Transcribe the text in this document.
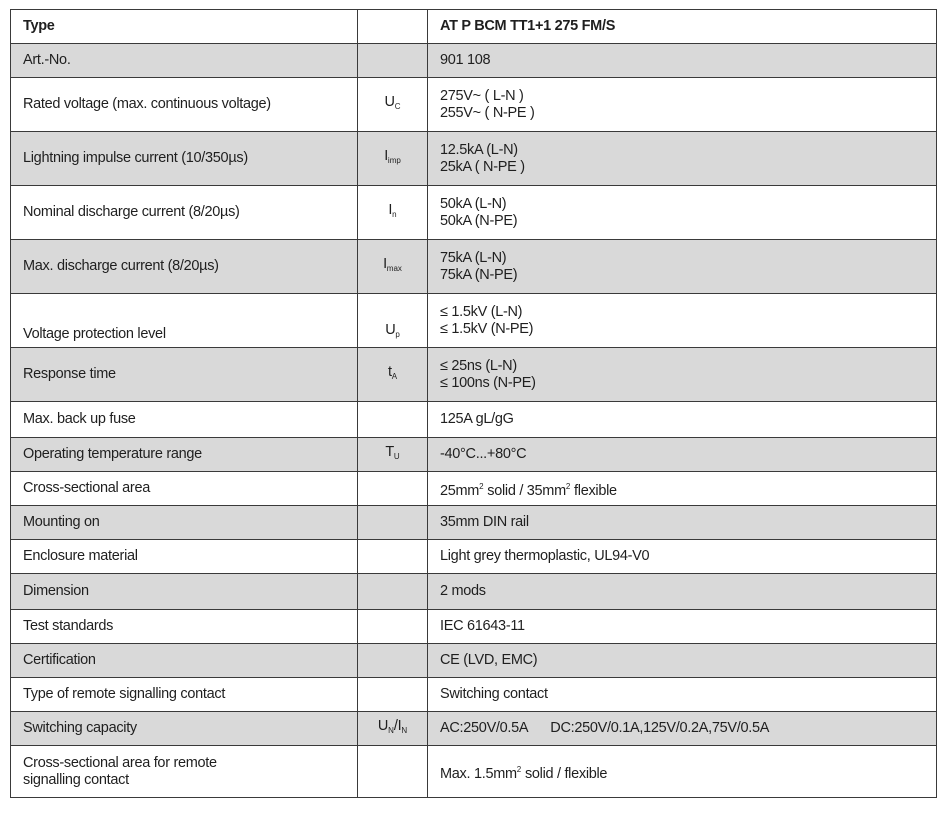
Type		AT P BCM TT1+1 275 FM/S
Art.-No.		901 108
Rated voltage (max. continuous voltage)	$U_C$	275V~ ( L-N )
255V~ ( N-PE )

Lightning impulse current (10/350µs)	$I_{imp}$	12.5kA (L-N)
25kA ( N-PE )

Nominal discharge current (8/20µs)	$I_n$	50kA (L-N)
50kA (N-PE)

Max. discharge current (8/20µs)	$I_{max}$	75kA (L-N)
75kA (N-PE)

Voltage protection level	$U_p$	≤ 1.5kV (L-N)
≤ 1.5kV (N-PE)

Response time	$t_A$	≤ 25ns (L-N)
≤ 100ns (N-PE)

Max. back up fuse		125A gL/gG
Operating temperature range	$T_U$	-40°C...+80°C
Cross-sectional area		$25mm^2$ solid / $35mm^2$ flexible
Mounting on		35mm DIN rail
Enclosure material		Light grey thermoplastic, UL94-V0
Dimension		2 mods
Test standards		IEC 61643-11
Certification		CE (LVD, EMC)
Type of remote signalling contact		Switching contact
Switching capacity	$U_N/I_N$	AC:250V/0.5A DC:250V/0.1A,125V/0.2A,75V/0.5A

Cross-sectional area for remote
signalling contact		Max. $1.5mm^2$ solid / flexible
